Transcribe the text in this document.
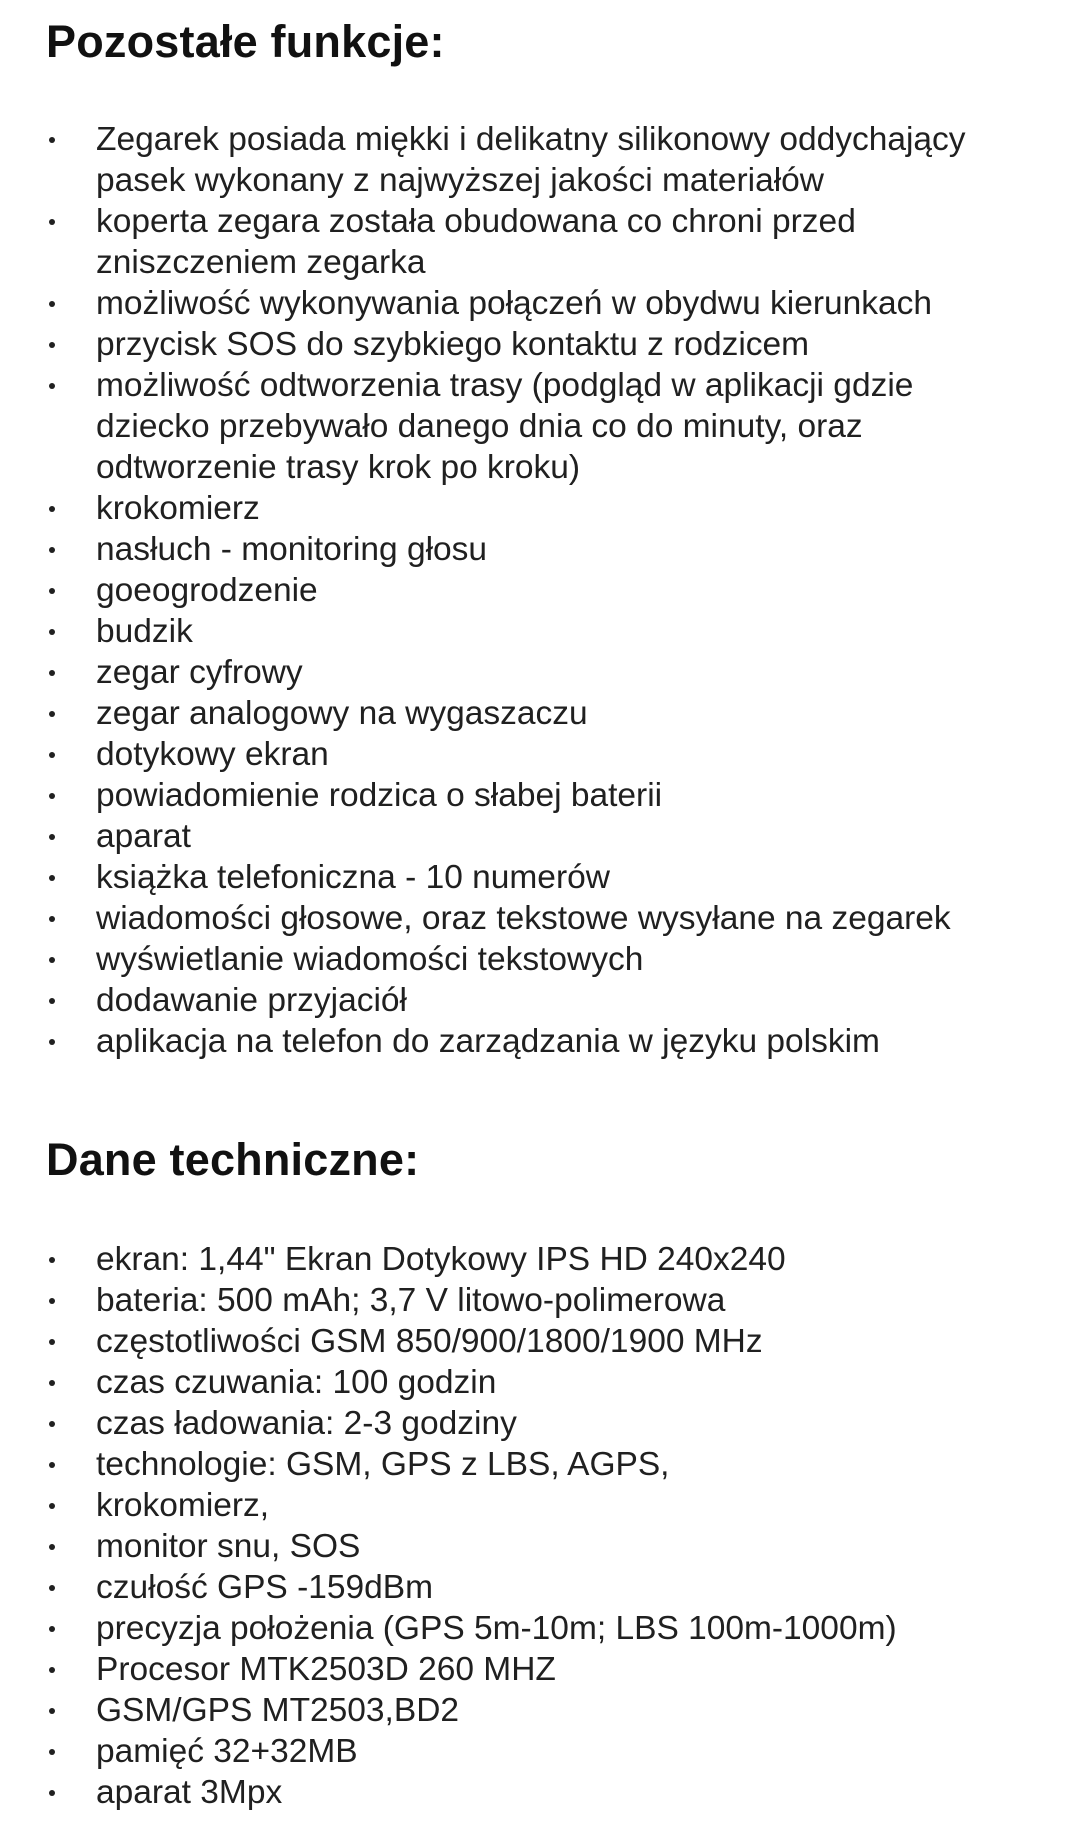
Pozostałe funkcje:
Zegarek posiada miękki i delikatny silikonowy oddychający pasek wykonany z najwyższej jakości materiałów
koperta zegara została obudowana co chroni przed zniszczeniem zegarka
możliwość wykonywania połączeń w obydwu kierunkach
przycisk SOS do szybkiego kontaktu z rodzicem
możliwość odtworzenia trasy (podgląd w aplikacji gdzie dziecko przebywało danego dnia co do minuty, oraz odtworzenie trasy krok po kroku)
krokomierz
nasłuch - monitoring głosu
goeogrodzenie
budzik
zegar cyfrowy
zegar analogowy na wygaszaczu
dotykowy ekran
powiadomienie rodzica o słabej baterii
aparat
książka telefoniczna - 10 numerów
wiadomości głosowe, oraz tekstowe wysyłane na zegarek
wyświetlanie wiadomości tekstowych
dodawanie przyjaciół
aplikacja na telefon do zarządzania w języku polskim
Dane techniczne:
ekran: 1,44" Ekran Dotykowy IPS HD 240x240
bateria: 500 mAh; 3,7 V litowo-polimerowa
częstotliwości GSM 850/900/1800/1900 MHz
czas czuwania: 100 godzin
czas ładowania: 2-3 godziny
technologie: GSM, GPS z LBS, AGPS,
krokomierz,
monitor snu, SOS
czułość GPS -159dBm
precyzja położenia (GPS 5m-10m; LBS 100m-1000m)
Procesor MTK2503D 260 MHZ
GSM/GPS MT2503,BD2
pamięć 32+32MB
aparat 3Mpx
